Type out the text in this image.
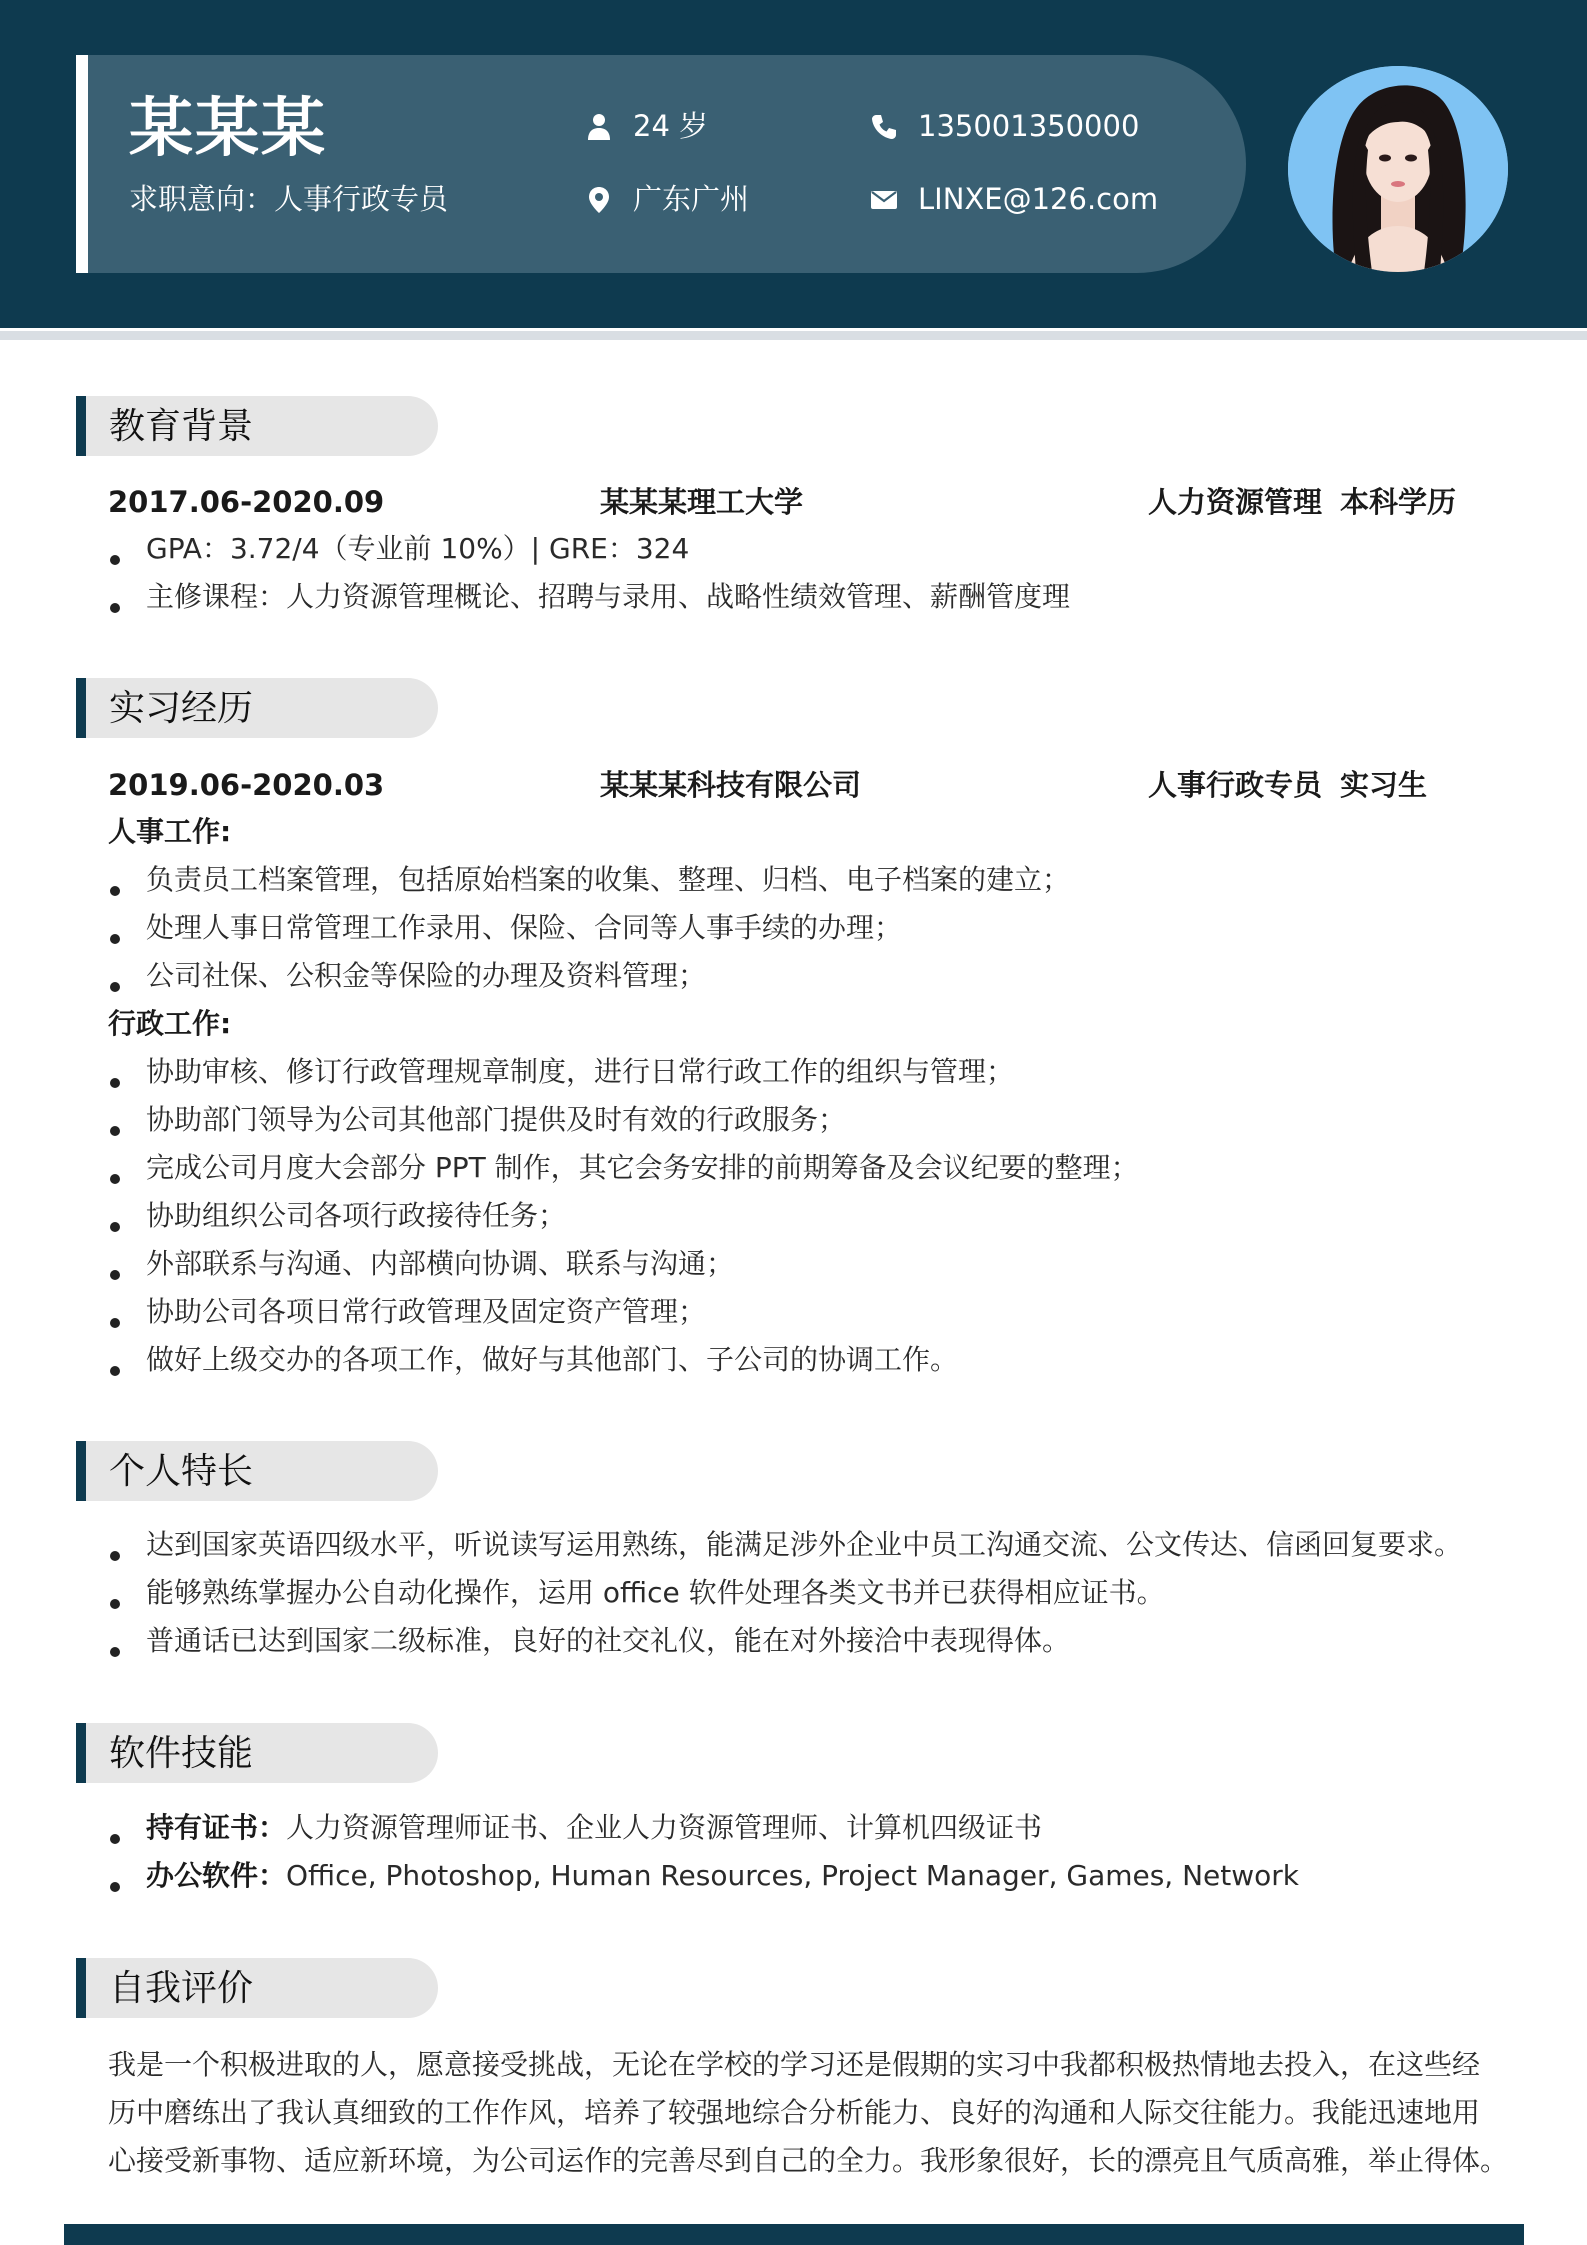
某某某
求职意向：人事行政专员
24 岁
广东广州
135001350000
LINXE@126.com
教育背景
2017.06-2020.09	某某某理工大学	人力资源管理 本科学历
GPA：3.72/4（专业前 10%）| GRE：324
主修课程：人力资源管理概论、招聘与录用、战略性绩效管理、薪酬管度理
实习经历
2019.06-2020.03	某某某科技有限公司	人事行政专员 实习生
人事工作:
负责员工档案管理，包括原始档案的收集、整理、归档、电子档案的建立；
处理人事日常管理工作录用、保险、合同等人事手续的办理；
公司社保、公积金等保险的办理及资料管理；
行政工作:
协助审核、修订行政管理规章制度，进行日常行政工作的组织与管理；
协助部门领导为公司其他部门提供及时有效的行政服务；
完成公司月度大会部分 PPT 制作，其它会务安排的前期筹备及会议纪要的整理；
协助组织公司各项行政接待任务；
外部联系与沟通、内部横向协调、联系与沟通；
协助公司各项日常行政管理及固定资产管理；
做好上级交办的各项工作，做好与其他部门、子公司的协调工作。
个人特长
达到国家英语四级水平，听说读写运用熟练，能满足涉外企业中员工沟通交流、公文传达、信函回复要求。
能够熟练掌握办公自动化操作，运用 office 软件处理各类文书并已获得相应证书。
普通话已达到国家二级标准，良好的社交礼仪，能在对外接洽中表现得体。
软件技能
持有证书：人力资源管理师证书、企业人力资源管理师、计算机四级证书
办公软件：Office, Photoshop, Human Resources, Project Manager, Games, Network
自我评价
我是一个积极进取的人，愿意接受挑战，无论在学校的学习还是假期的实习中我都积极热情地去投入，在这些经
历中磨练出了我认真细致的工作作风，培养了较强地综合分析能力、良好的沟通和人际交往能力。我能迅速地用
心接受新事物、适应新环境，为公司运作的完善尽到自己的全力。我形象很好，长的漂亮且气质高雅，举止得体。
